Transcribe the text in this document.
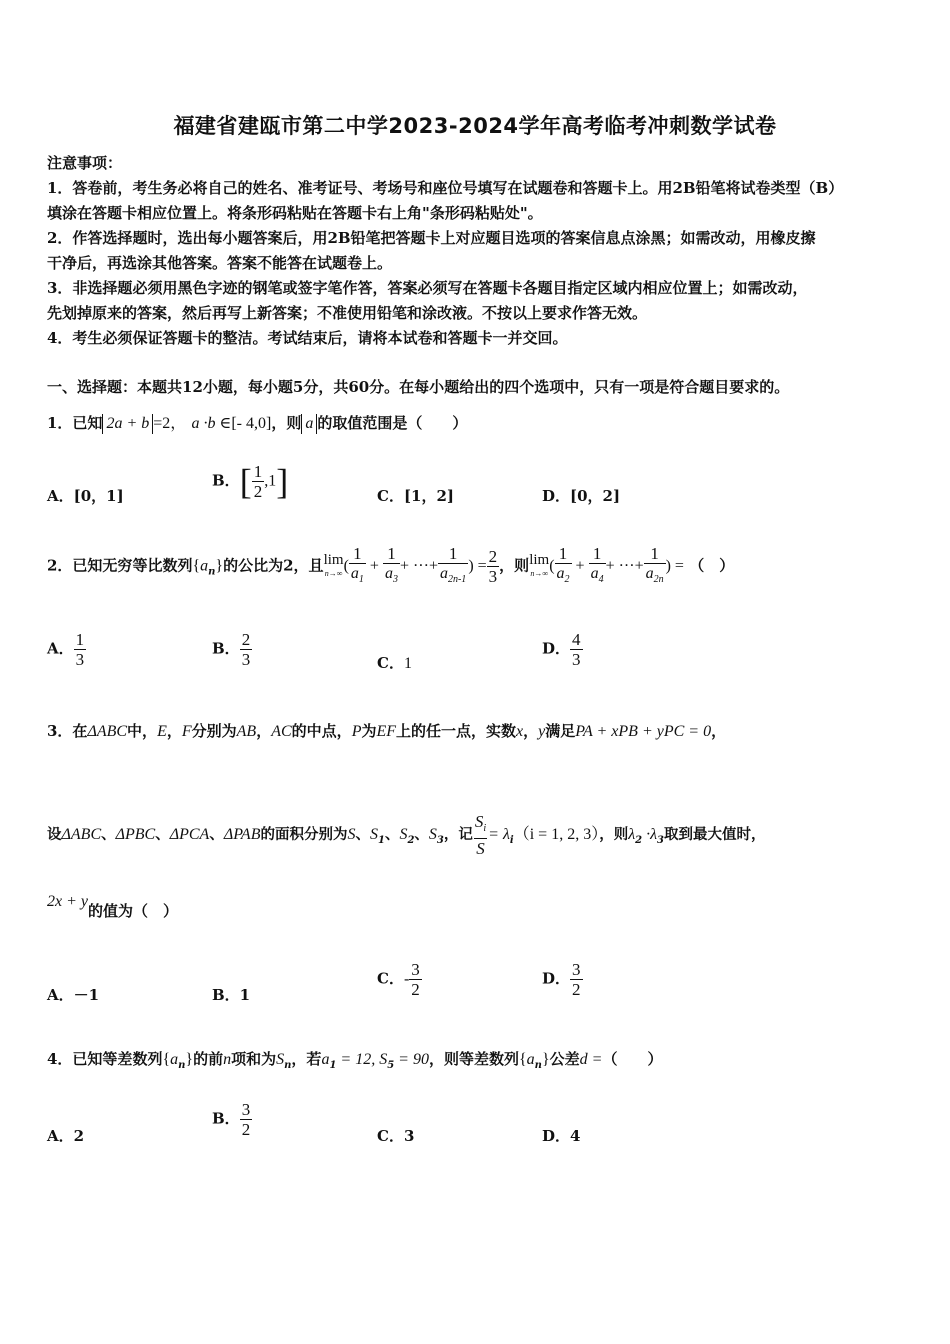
福建省建瓯市第二中学2023-2024学年高考临考冲刺数学试卷
注意事项：
1．答卷前，考生务必将自己的姓名、准考证号、考场号和座位号填写在试题卷和答题卡上。用2B铅笔将试卷类型（B）
填涂在答题卡相应位置上。将条形码粘贴在答题卡右上角"条形码粘贴处"。
2．作答选择题时，选出每小题答案后，用2B铅笔把答题卡上对应题目选项的答案信息点涂黑；如需改动，用橡皮擦
干净后，再选涂其他答案。答案不能答在试题卷上。
3．非选择题必须用黑色字迹的钢笔或签字笔作答，答案必须写在答题卡各题目指定区域内相应位置上；如需改动，
先划掉原来的答案，然后再写上新答案；不准使用铅笔和涂改液。不按以上要求作答无效。
4．考生必须保证答题卡的整洁。考试结束后，请将本试卷和答题卡一并交回。
一、选择题：本题共12小题，每小题5分，共60分。在每小题给出的四个选项中，只有一项是符合题目要求的。
1．已知 2a + b =2， a ·b ∈[- 4,0]，则 a 的取值范围是（　　）
A．[0，1]
B．[ $\frac{1}{2} ,1$]	C．[1，2]	D．[0，2]
2．已知无穷等比数列$\{a_n\}$的公比为2，且 lim
n→∞ ( $\frac{1}{a_1} + \frac{1}{a_3}$ + ···+ $\frac{1}{a_{2n-1}}$ ) = $\frac{2}{3}$ ，则 lim
n→∞ ( $\frac{1}{a_2} + \frac{1}{a_4}$ + ···+ $\frac{1}{a_{2n}}$ ) = （　）
A． $\frac{1}{3}$	B． $\frac{2}{3}$	C．1
D． $\frac{4}{3}$
3．在ΔABC中，E，F分别为AB，AC的中点，P为EF上的任一点，实数x，y满足PA + xPB + yPC = 0，
设ΔABC、ΔPBC、ΔPCA、ΔPAB的面积分别为S、$S_1$、$S_2$、$S_3$，记 $\frac{S_i}{S} = \lambda_i(i = 1$, 2, 3），则$\lambda_2 \cdot\lambda_3$取到最大值时，
2x + y的值为（　）
A．－1	B．1
C．- $\frac{3}{2}$	D． $\frac{3}{2}$
4．已知等差数列$\{a_n\}$的前n项和为$S_n$，若$a_1 = 12$, $S_5 = 90$，则等差数列$\{a_n\}$公差d =（　　）
A．2
B． $\frac{3}{2}$	C．3	D．4
